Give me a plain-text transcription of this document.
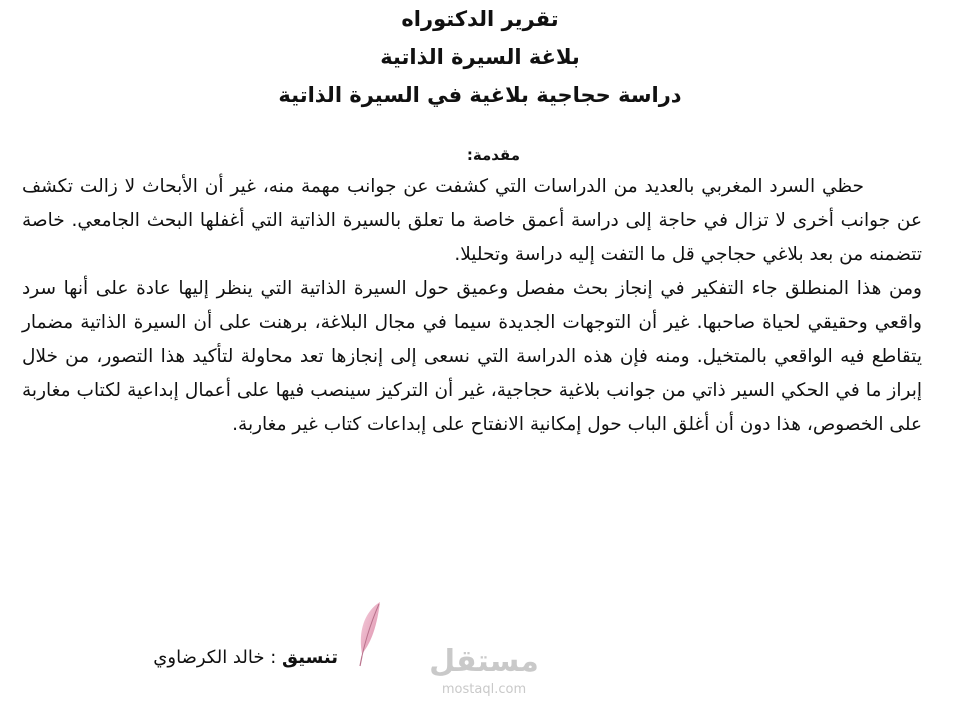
تقرير الدكتوراه

بلاغة السيرة الذاتية

دراسة حجاجية بلاغية في السيرة الذاتية

مقدمة:

حظي السرد المغربي بالعديد من الدراسات التي كشفت عن جوانب مهمة منه، غير أن الأبحاث لا زالت تكشف عن جوانب أخرى لا تزال في حاجة إلى دراسة أعمق خاصة ما تعلق بالسيرة الذاتية التي أغفلها البحث الجامعي. خاصة تتضمنه من بعد بلاغي حجاجي قل ما التفت إليه دراسة وتحليلا.

ومن هذا المنطلق جاء التفكير في إنجاز بحث مفصل وعميق حول السيرة الذاتية التي ينظر إليها عادة على أنها سرد واقعي وحقيقي لحياة صاحبها. غير أن التوجهات الجديدة سيما في مجال البلاغة، برهنت على أن السيرة الذاتية مضمار يتقاطع فيه الواقعي بالمتخيل. ومنه فإن هذه الدراسة التي نسعى إلى إنجازها تعد محاولة لتأكيد هذا التصور، من خلال إبراز ما في الحكي السير ذاتي من جوانب بلاغية حجاجية، غير أن التركيز سينصب فيها على أعمال إبداعية لكتاب مغاربة على الخصوص، هذا دون أن أغلق الباب حول إمكانية الانفتاح على إبداعات كتاب غير مغاربة.

تنسيق : خالد الكرضاوي	مستقل
mostaql.com
